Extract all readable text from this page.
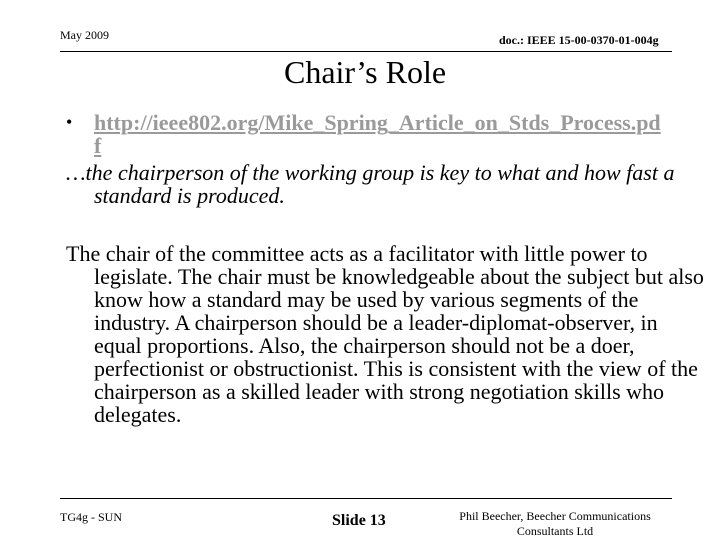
May 2009	doc.: IEEE 15-00-0370-01-004g
Chair’s Role
• http://ieee802.org/Mike_Spring_Article_on_Stds_Process.pdf
…the chairperson of the working group is key to what and how fast a standard is produced.
The chair of the committee acts as a facilitator with little power to legislate. The chair must be knowledgeable about the subject but also know how a standard may be used by various segments of the industry. A chairperson should be a leader-diplomat-observer, in equal proportions. Also, the chairperson should not be a doer, perfectionist or obstructionist. This is consistent with the view of the chairperson as a skilled leader with strong negotiation skills who delegates.
TG4g - SUN	Slide 13	Phil Beecher, Beecher Communications Consultants Ltd
